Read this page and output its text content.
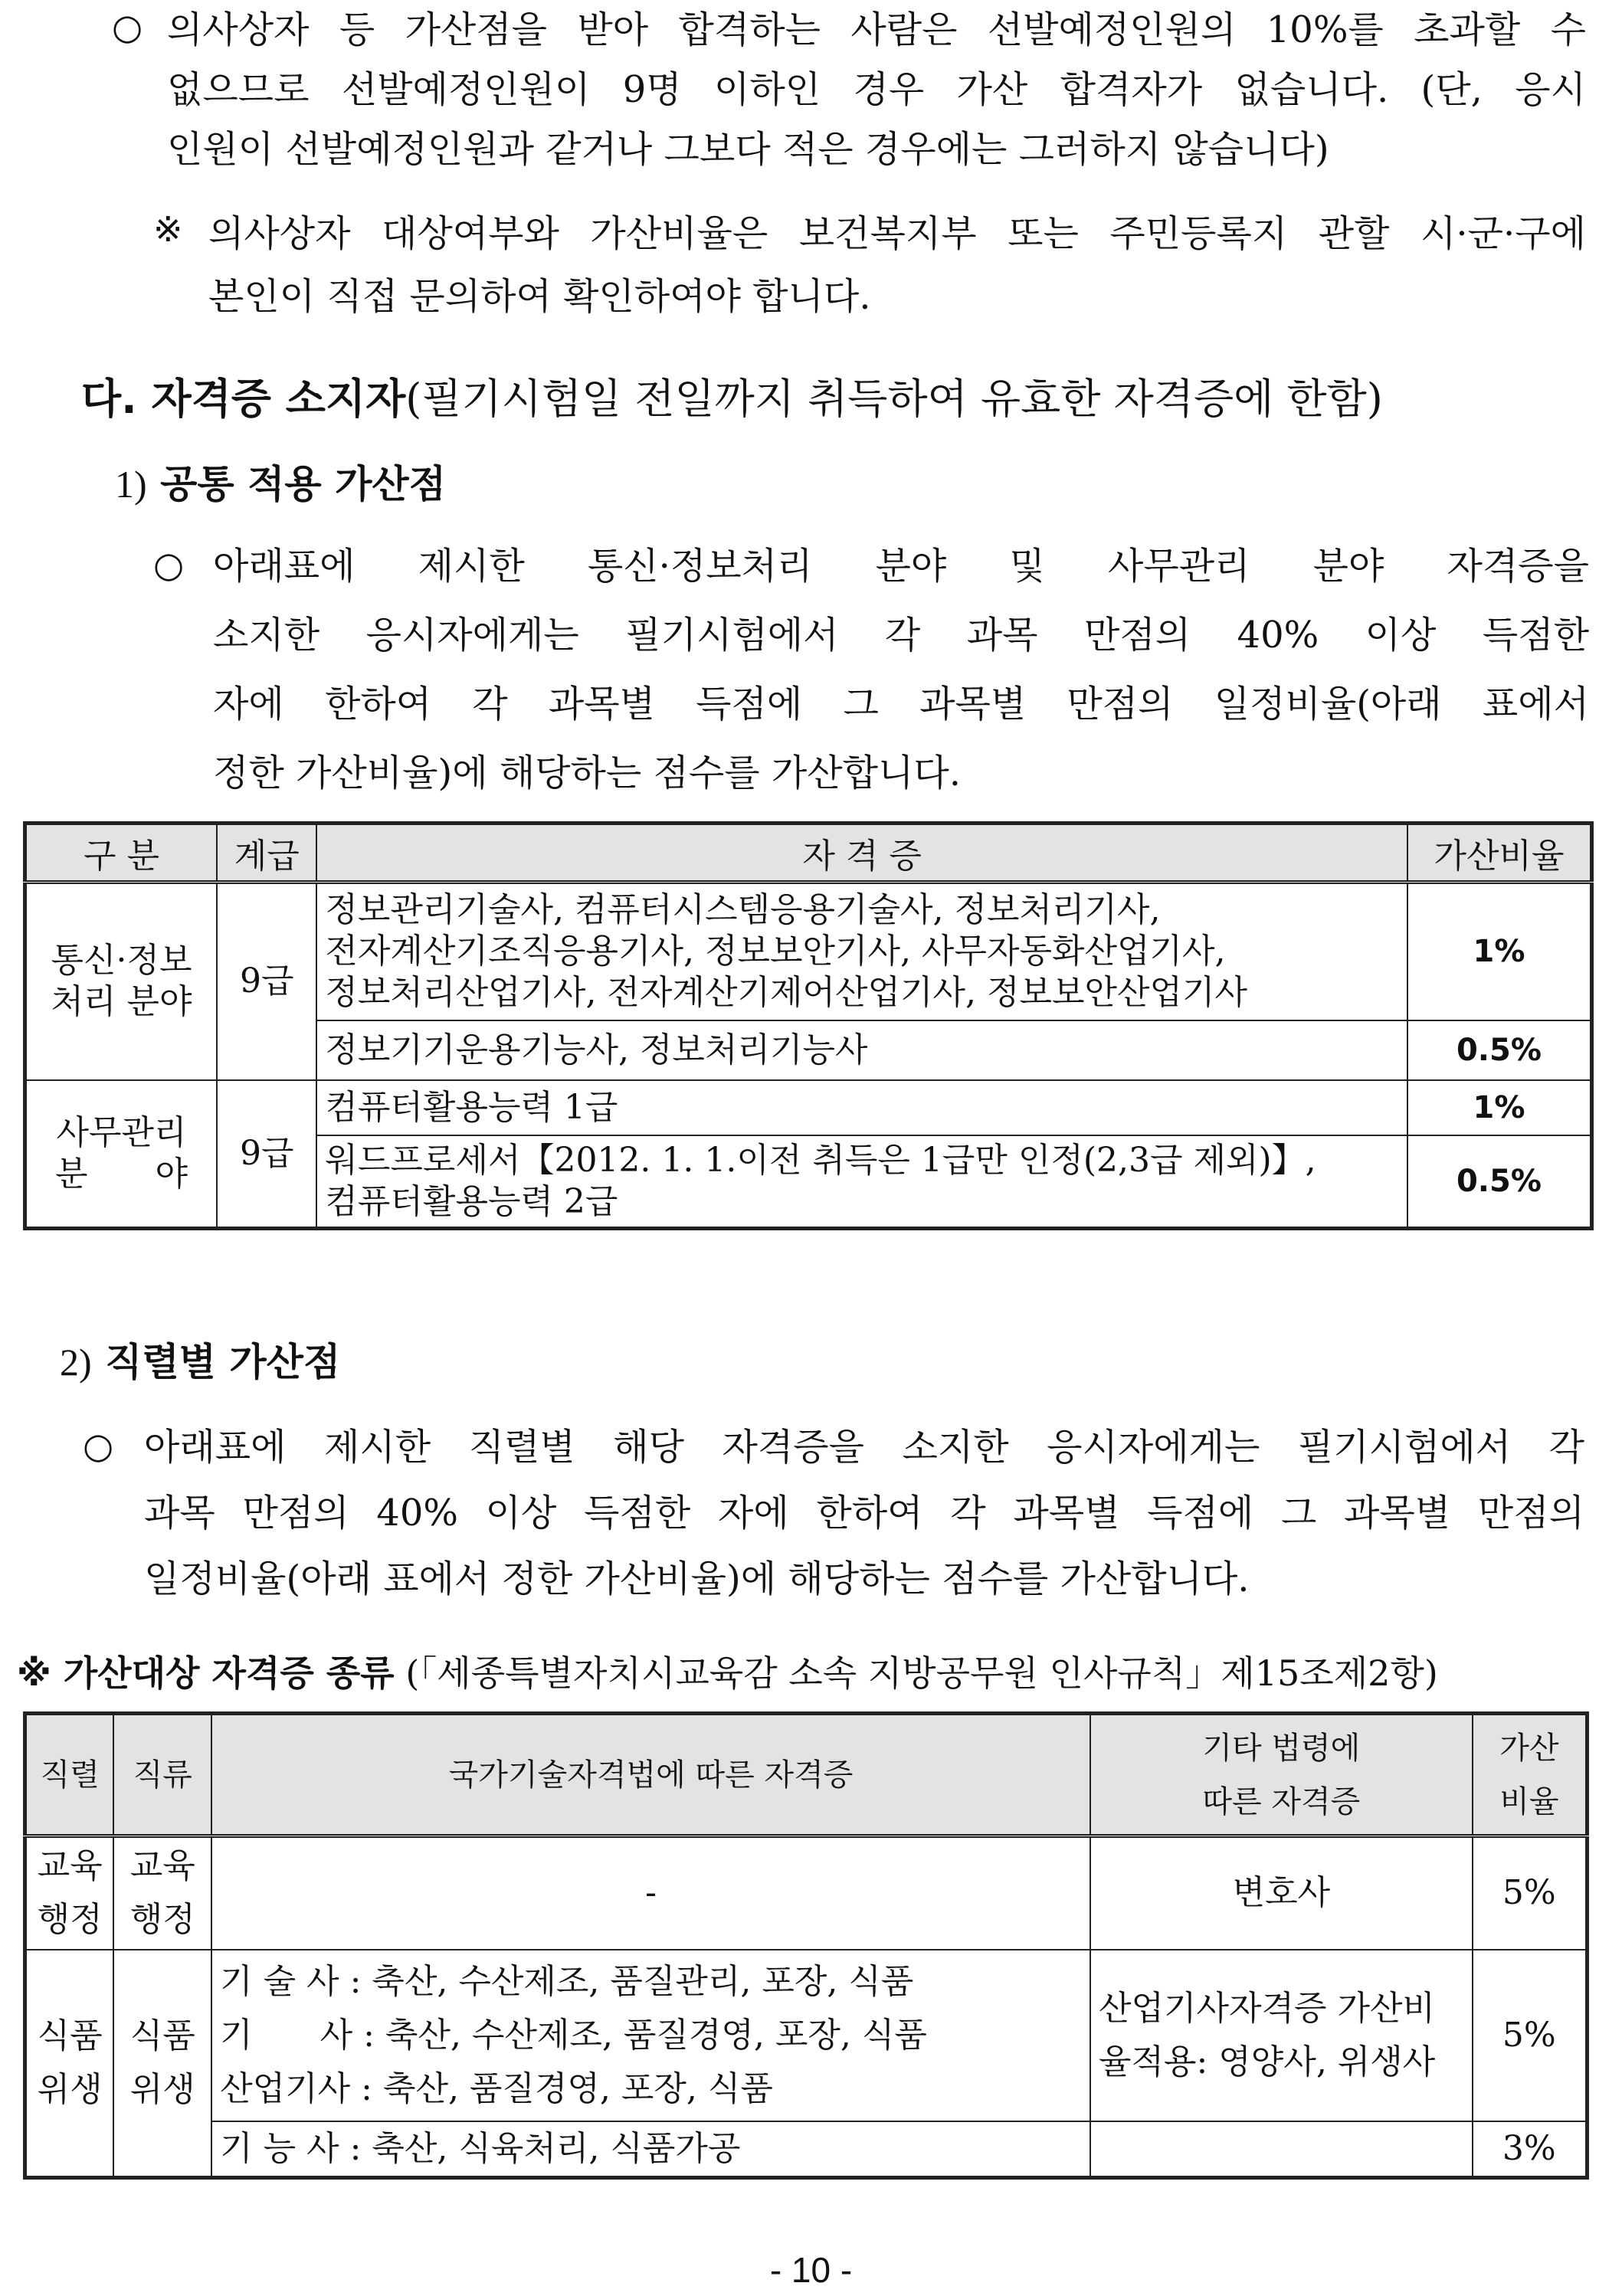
○ 의사상자 등 가산점을 받아 합격하는 사람은 선발예정인원의 10%를 초과할 수
없으므로 선발예정인원이 9명 이하인 경우 가산 합격자가 없습니다. (단, 응시
인원이 선발예정인원과 같거나 그보다 적은 경우에는 그러하지 않습니다)
※ 의사상자 대상여부와 가산비율은 보건복지부 또는 주민등록지 관할 시·군·구에
본인이 직접 문의하여 확인하여야 합니다.
다. 자격증 소지자(필기시험일 전일까지 취득하여 유효한 자격증에 한함)
1) 공통 적용 가산점
○ 아래표에 제시한 통신·정보처리 분야 및 사무관리 분야 자격증을
소지한 응시자에게는 필기시험에서 각 과목 만점의 40% 이상 득점한
자에 한하여 각 과목별 득점에 그 과목별 만점의 일정비율(아래 표에서
정한 가산비율)에 해당하는 점수를 가산합니다.
구 분	계급	자 격 증	가산비율

통신·정보
처리 분야	9급	정보관리기술사, 컴퓨터시스템응용기술사, 정보처리기사,
전자계산기조직응용기사, 정보보안기사, 사무자동화산업기사,
정보처리산업기사, 전자계산기제어산업기사, 정보보안산업기사	1%
		정보기기운용기능사, 정보처리기능사	0.5%

사무관리
분　　야	9급	컴퓨터활용능력 1급	1%

		워드프로세서【2012. 1. 1.이전 취득은 1급만 인정(2,3급 제외)】,
컴퓨터활용능력 2급	0.5%
2) 직렬별 가산점
○ 아래표에 제시한 직렬별 해당 자격증을 소지한 응시자에게는 필기시험에서 각
과목 만점의 40% 이상 득점한 자에 한하여 각 과목별 득점에 그 과목별 만점의
일정비율(아래 표에서 정한 가산비율)에 해당하는 점수를 가산합니다.
※ 가산대상 자격증 종류 (「세종특별자치시교육감 소속 지방공무원 인사규칙」제15조제2항)
직렬	직류	국가기술자격법에 따른 자격증	기타 법령에
따른 자격증	가산
비율

교육
행정	교육
행정	-	변호사	5%

식품
위생	식품
위생	기 술 사 : 축산, 수산제조, 품질관리, 포장, 식품
기　　사 : 축산, 수산제조, 품질경영, 포장, 식품
산업기사 : 축산, 품질경영, 포장, 식품	산업기사자격증 가산비
율적용: 영양사, 위생사	5%
		기 능 사 : 축산, 식육처리, 식품가공		3%
- 10 -
